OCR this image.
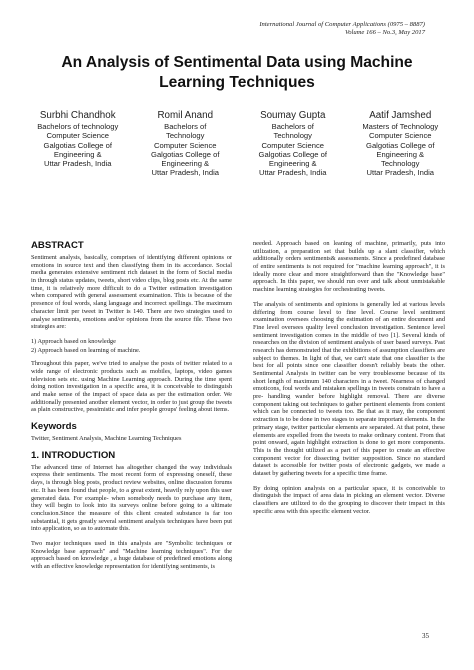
International Journal of Computer Applications (0975 – 8887)
Volume 166 – No.3, May 2017
An Analysis of Sentimental Data using Machine
Learning Techniques
Surbhi Chandhok
Bachelors of technology
Computer Science
Galgotias College of
Engineering &
Uttar Pradesh, India
Romil Anand
Bachelors of
Technology
Computer Science
Galgotias College of
Engineering &
Uttar Pradesh, India
Soumay Gupta
Bachelors of
Technology
Computer Science
Galgotias College of
Engineering &
Uttar Pradesh, India
Aatif Jamshed
Masters of Technology
Computer Science
Galgotias College of
Engineering &
Technology
Uttar Pradesh, India
ABSTRACT

Sentiment analysis, basically, comprises of identifying different opinions or emotions in source text and then classifying them in its accordance. Social media generates extensive sentiment rich dataset in the form of Social media in through status updates, tweets, short video clips, blog posts etc. At the same time, it is relatively more difficult to do a Twitter estimation investigation when compared with general assessment examination. This is because of the presence of foul words, slang language and incorrect spellings. The maximum character limit per tweet in Twitter is 140. There are two strategies used to analyse sentiments, emotions and/or opinions from the source file. These two strategies are:

1) Approach based on knowledge

2) Approach based on learning of machine.

Throughout this paper, we've tried to analyse the posts of twitter related to a wide range of electronic products such as mobiles, laptops, video games television sets etc. using Machine Learning approach. During the time spent doing notion investigation in a specific area, it is conceivable to distinguish and make sense of the impact of space data as per the estimation order. We additionally presented another element vector, in order to just group the tweets as plain constructive, pessimistic and infer people groups' feeling about items.

Keywords

Twitter, Sentiment Analysis, Machine Learning Techniques

1. INTRODUCTION

The advanced time of Internet has altogether changed the way individuals express their sentiments. The most recent form of expressing oneself, these days, is through blog posts, product review websites, online discussion forums etc. It has been found that people, to a great extent, heavily rely upon this user generated data. For example- when somebody needs to purchase any item, they will begin to look into its surveys online before going to a ultimate conclusion.Since the measure of this client created substance is far too substantial, it gets greatly several sentiment analysis techniques have been put into application, so as to automate this.

Two major techniques used in this analysis are "Symbolic techniques or Knowledge base approach" and "Machine learning techniques". For the approach based on knowledge , a huge database of predefined emotions along with an effective knowledge representation for identifying sentiments, is

needed. Approach based on leaning of machine, primarily, puts into utilization, a preparation set that builds up a slant classifier, which additionally orders sentiments& assessments. Since a predefined database of entire sentiments is not required for "machine learning approach", it is ideally more clear and more straightforward than the "Knowledge base" approach. In this paper, we should run over and talk about unmistakable machine learning strategies for orchestrating tweets.

The analysis of sentiments and opinions is generally led at various levels differing from course level to fine level. Course level sentiment examination oversees choosing the estimation of an entire document and Fine level oversees quality level conclusion investigation. Sentence level sentiment investigation comes in the middle of two [1]. Several kinds of researches on the division of sentiment analysis of user based surveys. Past research has demonstrated that the exhibitions of assumption classifiers are subject to themes. In light of that, we can't state that one classifier is the best for all points since one classifier doesn't reliably beats the other. Sentimental Analysis in twitter can be very troublesome because of its short length of maximum 140 characters in a tweet. Nearness of changed emoticons, foul words and mistaken spellings in tweets constrain to have a pre- handling wander before highlight removal. There are diverse component taking out techniques to gather pertinent elements from content which can be connected to tweets too. Be that as it may, the component extraction is to be done in two stages to separate important elements. In the primary stage, twitter particular elements are separated. At that point, these elements are expelled from the tweets to make ordinary content. From that point onward, again highlight extraction is done to get more components. This is the thought utilized as a part of this paper to create an effective component vector for dissecting twitter supposition. Since no standard dataset is accessible for twitter posts of electronic gadgets, we made a dataset by gathering tweets for a specific time frame.

By doing opinion analysis on a particular space, it is conceivable to distinguish the impact of area data in picking an element vector. Diverse classifiers are utilized to do the grouping to discover their impact in this specific area with this specific element vector.

35
